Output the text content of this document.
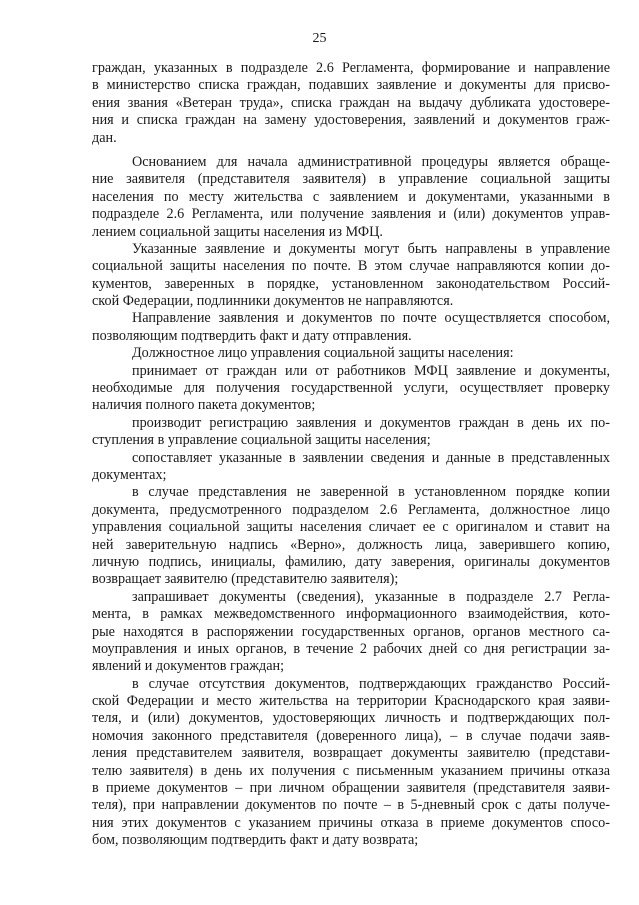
25
граждан, указанных в подразделе 2.6 Регламента, формирование и направление
в министерство списка граждан, подавших заявление и документы для присво-
ения звания «Ветеран труда», списка граждан на выдачу дубликата удостовере-
ния и списка граждан на замену удостоверения, заявлений и документов граж-
дан.
Основанием для начала административной процедуры является обраще-
ние заявителя (представителя заявителя) в управление социальной защиты
населения по месту жительства с заявлением и документами, указанными в
подразделе 2.6 Регламента, или получение заявления и (или) документов управ-
лением социальной защиты населения из МФЦ.
Указанные заявление и документы могут быть направлены в управление
социальной защиты населения по почте. В этом случае направляются копии до-
кументов, заверенных в порядке, установленном законодательством Россий-
ской Федерации, подлинники документов не направляются.
Направление заявления и документов по почте осуществляется способом,
позволяющим подтвердить факт и дату отправления.
Должностное лицо управления социальной защиты населения:
принимает от граждан или от работников МФЦ заявление и документы,
необходимые для получения государственной услуги, осуществляет проверку
наличия полного пакета документов;
производит регистрацию заявления и документов граждан в день их по-
ступления в управление социальной защиты населения;
сопоставляет указанные в заявлении сведения и данные в представленных
документах;
в случае представления не заверенной в установленном порядке копии
документа, предусмотренного подразделом 2.6 Регламента, должностное лицо
управления социальной защиты населения сличает ее с оригиналом и ставит на
ней заверительную надпись «Верно», должность лица, заверившего копию,
личную подпись, инициалы, фамилию, дату заверения, оригиналы документов
возвращает заявителю (представителю заявителя);
запрашивает документы (сведения), указанные в подразделе 2.7 Регла-
мента, в рамках межведомственного информационного взаимодействия, кото-
рые находятся в распоряжении государственных органов, органов местного са-
моуправления и иных органов, в течение 2 рабочих дней со дня регистрации за-
явлений и документов граждан;
в случае отсутствия документов, подтверждающих гражданство Россий-
ской Федерации и место жительства на территории Краснодарского края заяви-
теля, и (или) документов, удостоверяющих личность и подтверждающих пол-
номочия законного представителя (доверенного лица), – в случае подачи заяв-
ления представителем заявителя, возвращает документы заявителю (представи-
телю заявителя) в день их получения с письменным указанием причины отказа
в приеме документов – при личном обращении заявителя (представителя заяви-
теля), при направлении документов по почте – в 5-дневный срок с даты получе-
ния этих документов с указанием причины отказа в приеме документов спосо-
бом, позволяющим подтвердить факт и дату возврата;
